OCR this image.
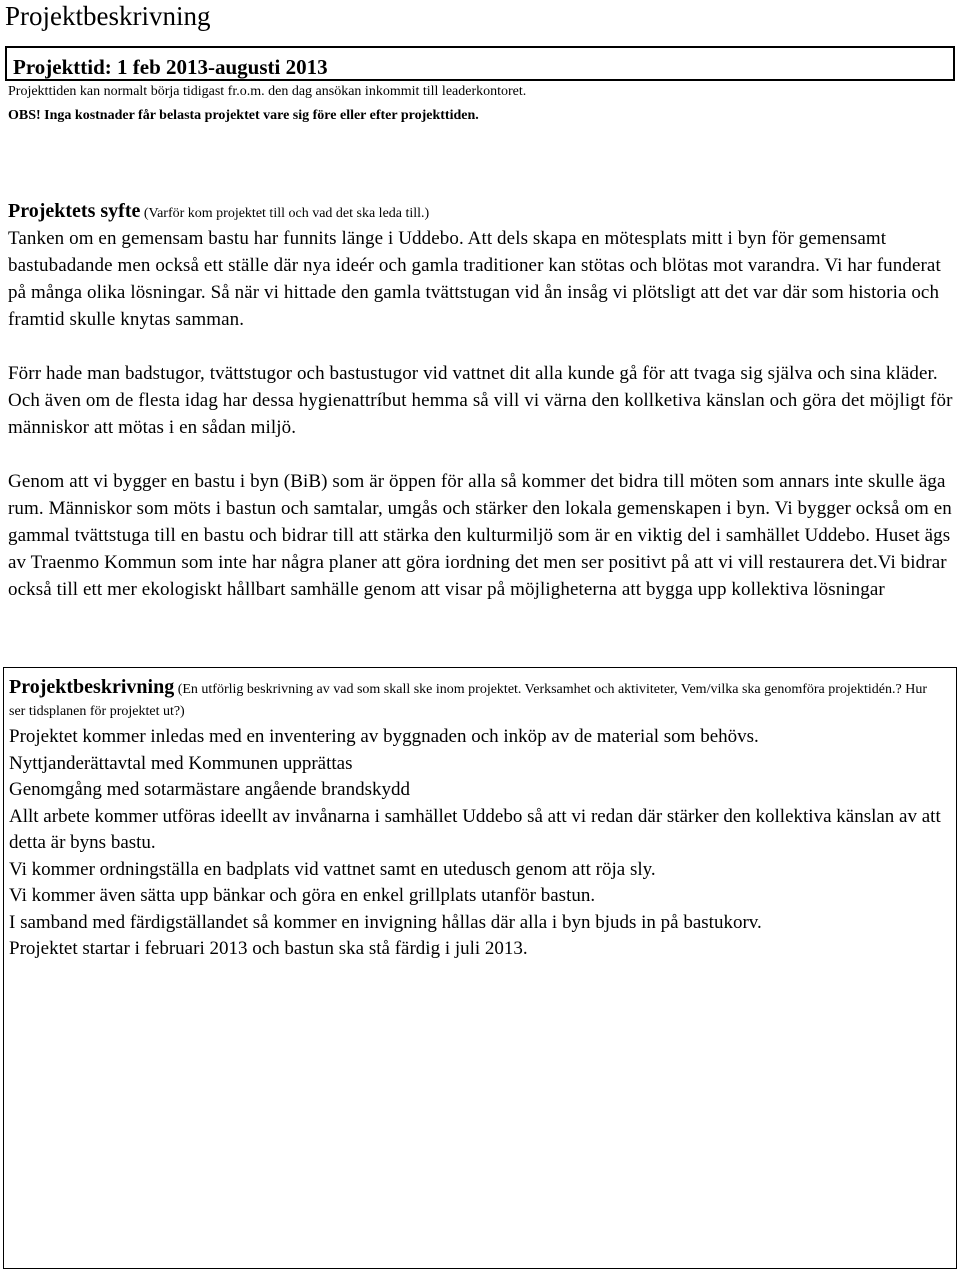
Projektbeskrivning
Projekttid: 1 feb 2013-augusti 2013
Projekttiden kan normalt börja tidigast fr.o.m. den dag ansökan inkommit till leaderkontoret.
OBS! Inga kostnader får belasta projektet vare sig före eller efter projekttiden.
Projektets syfte (Varför kom projektet till och vad det ska leda till.)

Tanken om en gemensam bastu har funnits länge i Uddebo. Att dels skapa en mötesplats mitt i byn för gemensamt bastubadande men också ett ställe där nya ideér och gamla traditioner kan stötas och blötas mot varandra. Vi har funderat på många olika lösningar. Så när vi hittade den gamla tvättstugan vid ån insåg vi plötsligt att det var där som historia och framtid skulle knytas samman.

Förr hade man badstugor, tvättstugor och bastustugor vid vattnet dit alla kunde gå för att tvaga sig själva och sina kläder. Och även om de flesta idag har dessa hygienattríbut hemma så vill vi värna den kollketiva känslan och göra det möjligt för människor att mötas i en sådan miljö.

Genom att vi bygger en bastu i byn (BiB) som är öppen för alla så kommer det bidra till möten som annars inte skulle äga rum. Människor som möts i bastun och samtalar, umgås och stärker den lokala gemenskapen i byn. Vi bygger också om en gammal tvättstuga till en bastu och bidrar till att stärka den kulturmiljö som är en viktig del i samhället Uddebo. Huset ägs av Traenmo Kommun som inte har några planer att göra iordning det men ser positivt på att vi vill restaurera det.Vi bidrar också till ett mer ekologiskt hållbart samhälle genom att visar på möjligheterna att bygga upp kollektiva lösningar

Projektbeskrivning (En utförlig beskrivning av vad som skall ske inom projektet. Verksamhet och aktiviteter, Vem/vilka ska genomföra projektidén.? Hur ser tidsplanen för projektet ut?)
Projektet kommer inledas med en inventering av byggnaden och inköp av de material som behövs.
Nyttjanderättavtal med Kommunen upprättas
Genomgång med sotarmästare angående brandskydd
Allt arbete kommer utföras ideellt av invånarna i samhället Uddebo så att vi redan där stärker den kollektiva känslan av att detta är byns bastu.
Vi kommer ordningställa en badplats vid vattnet samt en utedusch genom att röja sly.
Vi kommer även sätta upp bänkar och göra en enkel grillplats utanför bastun.
I samband med färdigställandet så kommer en invigning hållas där alla i byn bjuds in på bastukorv.
Projektet startar i februari 2013 och bastun ska stå färdig i juli 2013.
